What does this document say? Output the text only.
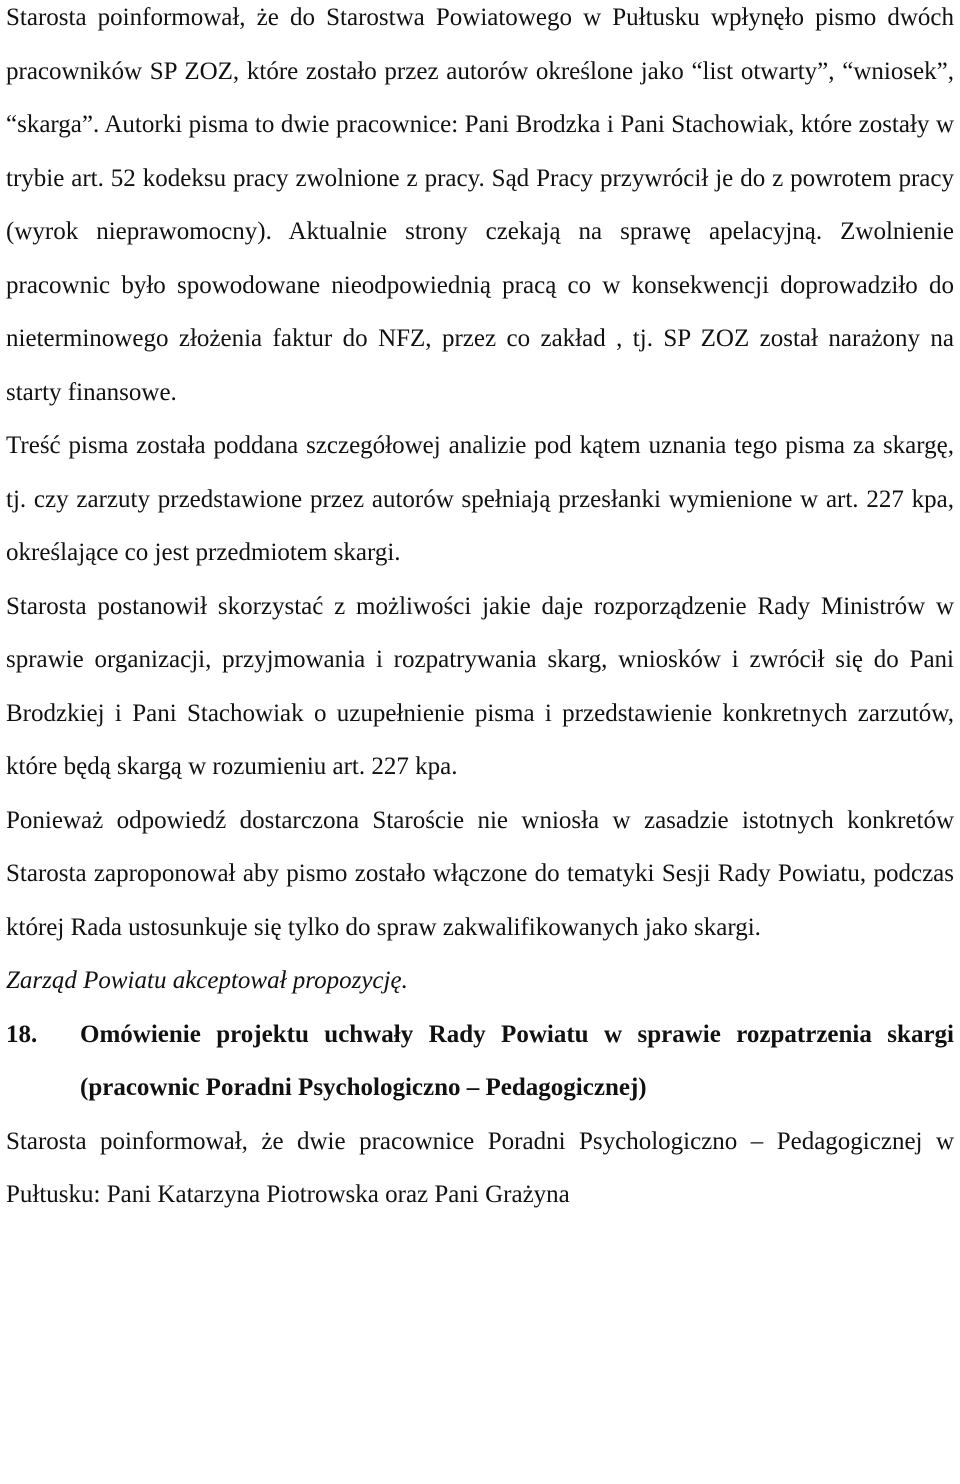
Starosta poinformował, że do Starostwa Powiatowego w Pułtusku wpłynęło pismo dwóch pracowników SP ZOZ, które zostało przez autorów określone jako “list otwarty”, “wniosek”, “skarga”. Autorki pisma to dwie pracownice: Pani Brodzka i Pani Stachowiak, które zostały w trybie art. 52 kodeksu pracy zwolnione z pracy. Sąd Pracy przywrócił je do z powrotem pracy (wyrok nieprawomocny). Aktualnie strony czekają na sprawę apelacyjną. Zwolnienie pracownic było spowodowane nieodpowiednią pracą co w konsekwencji doprowadziło do nieterminowego złożenia faktur do NFZ, przez co zakład , tj. SP ZOZ został narażony na starty finansowe.

Treść pisma została poddana szczegółowej analizie pod kątem uznania tego pisma za skargę, tj. czy zarzuty przedstawione przez autorów spełniają przesłanki wymienione w art. 227 kpa, określające co jest przedmiotem skargi.

Starosta postanowił skorzystać z możliwości jakie daje rozporządzenie Rady Ministrów w sprawie organizacji, przyjmowania i rozpatrywania skarg, wniosków i zwrócił się do Pani Brodzkiej i Pani Stachowiak o uzupełnienie pisma i przedstawienie konkretnych zarzutów, które będą skargą w rozumieniu art. 227 kpa.

Ponieważ odpowiedź dostarczona Staroście nie wniosła w zasadzie istotnych konkretów Starosta zaproponował aby pismo zostało włączone do tematyki Sesji Rady Powiatu, podczas której Rada ustosunkuje się tylko do spraw zakwalifikowanych jako skargi.

Zarząd Powiatu akceptował propozycję.

18.	Omówienie projektu uchwały Rady Powiatu w sprawie rozpatrzenia skargi (pracownic Poradni Psychologiczno – Pedagogicznej)

Starosta poinformował, że dwie pracownice Poradni Psychologiczno – Pedagogicznej w Pułtusku: Pani Katarzyna Piotrowska oraz Pani Grażyna
